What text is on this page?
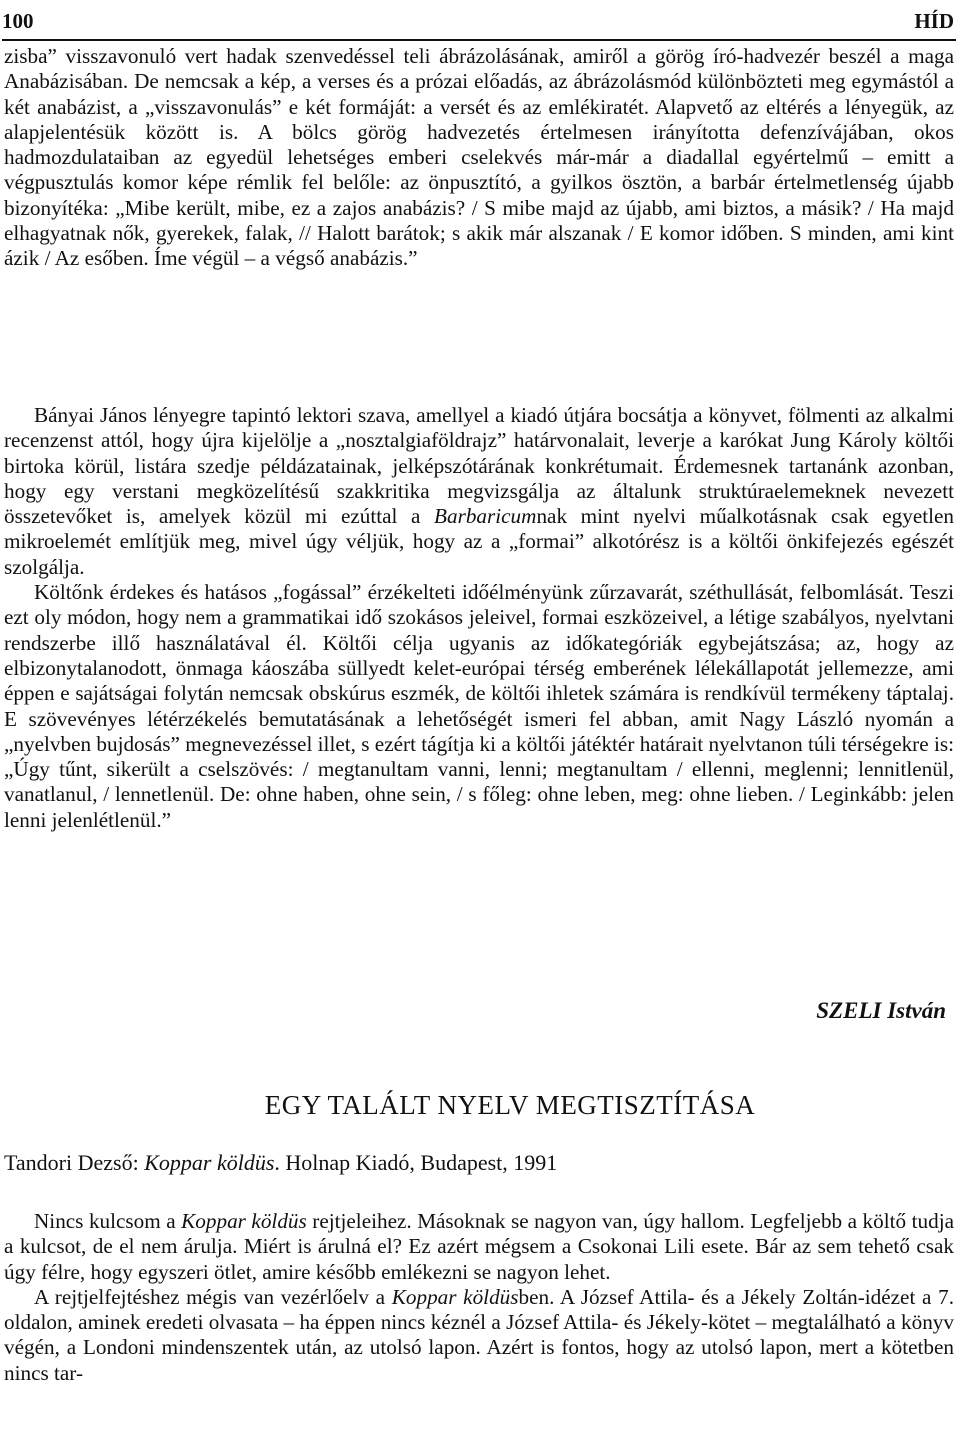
100	HÍD

zisba” visszavonuló vert hadak szenvedéssel teli ábrázolásának, amiről a görög író-hadvezér beszél a maga Anabázisában. De nemcsak a kép, a verses és a prózai előadás, az ábrázolásmód különbözteti meg egymástól a két anabázist, a „visszavonulás” e két formáját: a versét és az emlékiratét. Alapvető az eltérés a lényegük, az alapjelentésük között is. A bölcs görög hadvezetés értelmesen irányította defenzívájában, okos hadmozdulataiban az egyedül lehetséges emberi cselekvés már-már a diadallal egyértelmű – emitt a végpusztulás komor képe rémlik fel belőle: az önpusztító, a gyilkos ösztön, a barbár értelmetlenség újabb bizonyítéka: „Mibe került, mibe, ez a zajos anabázis? / S mibe majd az újabb, ami biztos, a másik? / Ha majd elhagyatnak nők, gyerekek, falak, // Halott barátok; s akik már alszanak / E komor időben. S minden, ami kint ázik / Az esőben. Íme végül – a végső anabázis.”

Bányai János lényegre tapintó lektori szava, amellyel a kiadó útjára bocsátja a könyvet, fölmenti az alkalmi recenzenst attól, hogy újra kijelölje a „nosztalgiaföldrajz” határvonalait, leverje a karókat Jung Károly költői birtoka körül, listára szedje példázatainak, jelképszótárának konkrétumait. Érdemesnek tartanánk azonban, hogy egy verstani megközelítésű szakkritika megvizsgálja az általunk struktúraelemeknek nevezett összetevőket is, amelyek közül mi ezúttal a Barbaricumnak mint nyelvi műalkotásnak csak egyetlen mikroelemét említjük meg, mivel úgy véljük, hogy az a „formai” alkotórész is a költői önkifejezés egészét szolgálja.

Költőnk érdekes és hatásos „fogással” érzékelteti időélményünk zűrzavarát, széthullását, felbomlását. Teszi ezt oly módon, hogy nem a grammatikai idő szokásos jeleivel, formai eszközeivel, a létige szabályos, nyelvtani rendszerbe illő használatával él. Költői célja ugyanis az időkategóriák egybejátszása; az, hogy az elbizonytalanodott, önmaga káoszába süllyedt kelet-európai térség emberének lélekállapotát jellemezze, ami éppen e sajátságai folytán nemcsak obskúrus eszmék, de költői ihletek számára is rendkívül termékeny táptalaj. E szövevényes létérzékelés bemutatásának a lehetőségét ismeri fel abban, amit Nagy László nyomán a „nyelvben bujdosás” megnevezéssel illet, s ezért tágítja ki a költői játéktér határait nyelvtanon túli térségekre is: „Úgy tűnt, sikerült a cselszövés: / megtanultam vanni, lenni; megtanultam / ellenni, meglenni; lennitlenül, vanatlanul, / lennetlenül. De: ohne haben, ohne sein, / s főleg: ohne leben, meg: ohne lieben. / Leginkább: jelen lenni jelenlétlenül.”

SZELI István
EGY TALÁLT NYELV MEGTISZTÍTÁSA
Tandori Dezső: Koppar köldüs. Holnap Kiadó, Budapest, 1991

Nincs kulcsom a Koppar köldüs rejtjeleihez. Másoknak se nagyon van, úgy hallom. Legfeljebb a költő tudja a kulcsot, de el nem árulja. Miért is árulná el? Ez azért mégsem a Csokonai Lili esete. Bár az sem tehető csak úgy félre, hogy egyszeri ötlet, amire később emlékezni se nagyon lehet.

A rejtjelfejtéshez mégis van vezérlőelv a Koppar köldüsben. A József Attila- és a Jékely Zoltán-idézet a 7. oldalon, aminek eredeti olvasata – ha éppen nincs kéznél a József Attila- és Jékely-kötet – megtalálható a könyv végén, a Londoni mindenszentek után, az utolsó lapon. Azért is fontos, hogy az utolsó lapon, mert a kötetben nincs tar-
